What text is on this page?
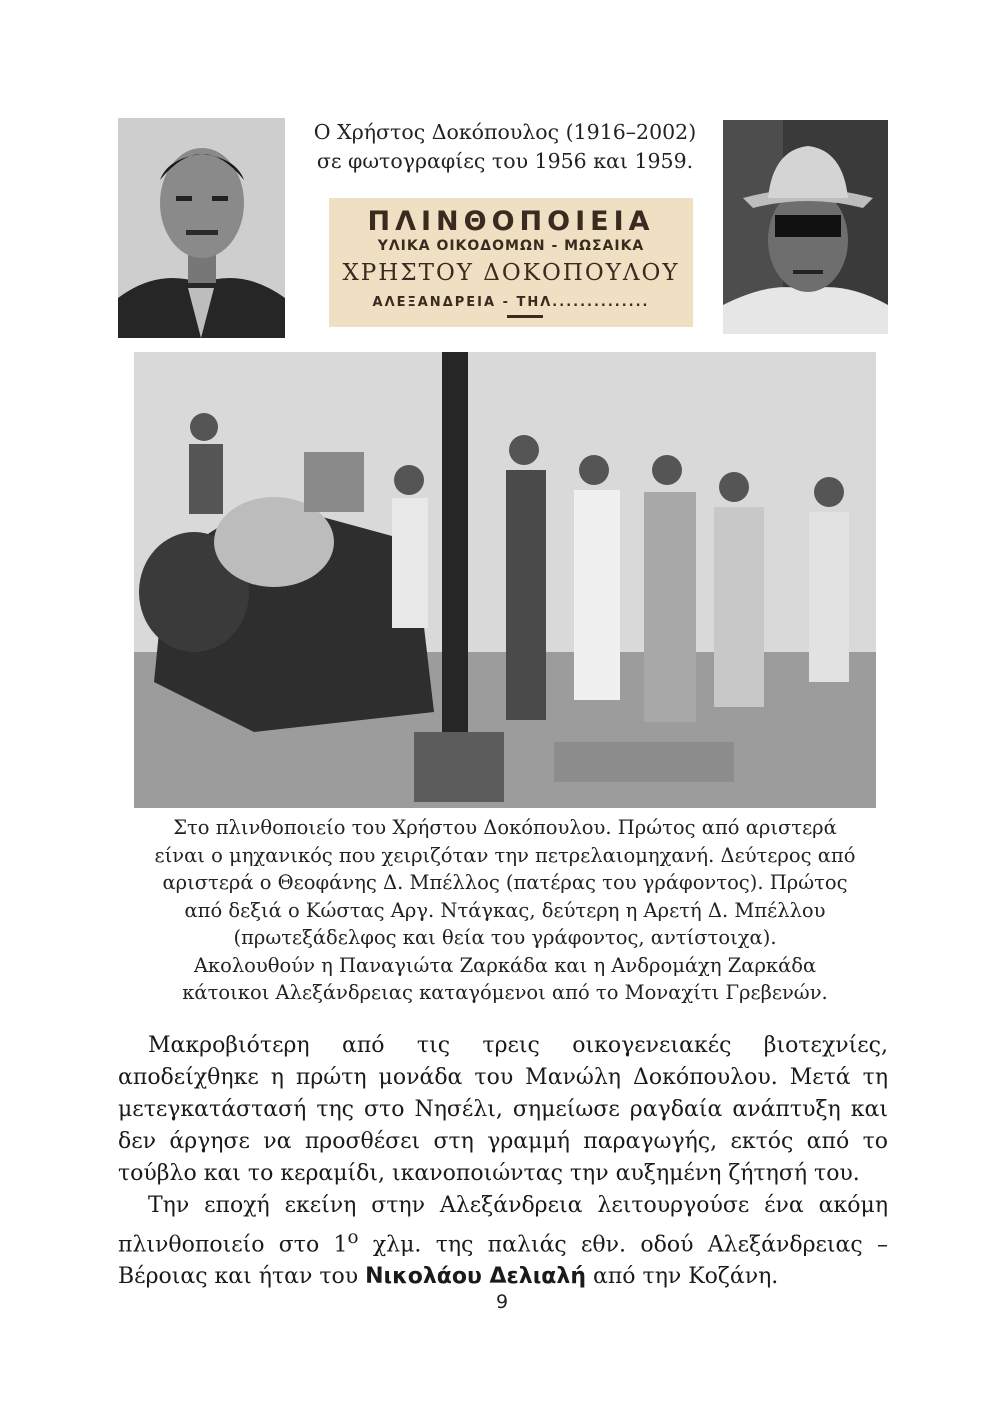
Ο Χρήστος Δοκόπουλος (1916–2002)
σε φωτογραφίες του 1956 και 1959.
ΠΛΙΝΘΟΠΟΙΕΙΑ
ΥΛΙΚΑ ΟΙΚΟΔΟΜΩΝ - ΜΩΣΑΙΚΑ
ΧΡΗΣΤΟΥ ΔΟΚΟΠΟΥΛΟΥ
ΑΛΕΞΑΝΔΡΕΙΑ - ΤΗΛ..............
Στο πλινθοποιείο του Χρήστου Δοκόπουλου. Πρώτος από αριστερά
είναι ο μηχανικός που χειριζόταν την πετρελαιομηχανή. Δεύτερος από
αριστερά ο Θεοφάνης Δ. Μπέλλος (πατέρας του γράφοντος). Πρώτος
από δεξιά ο Κώστας Αργ. Ντάγκας, δεύτερη η Αρετή Δ. Μπέλλου
(πρωτεξάδελφος και θεία του γράφοντος, αντίστοιχα).
Ακολουθούν η Παναγιώτα Ζαρκάδα και η Ανδρομάχη Ζαρκάδα
κάτοικοι Αλεξάνδρειας καταγόμενοι από το Μοναχίτι Γρεβενών.

Μακροβιότερη από τις τρεις οικογενειακές βιοτεχνίες, αποδείχθηκε η πρώτη μονάδα του Μανώλη Δοκόπουλου. Μετά τη μετεγκατάστασή της στο Νησέλι, σημείωσε ραγδαία ανάπτυξη και δεν άργησε να προσθέσει στη γραμμή παραγωγής, εκτός από το τούβλο και το κεραμίδι, ικανοποιώντας την αυξημένη ζήτησή του.

Την εποχή εκείνη στην Αλεξάνδρεια λειτουργούσε ένα ακόμη πλινθοποιείο στο $1^o$ χλμ. της παλιάς εθν. οδού Αλεξάνδρειας – Βέροιας και ήταν του Νικολάου Δελιαλή από την Κοζάνη.

9
